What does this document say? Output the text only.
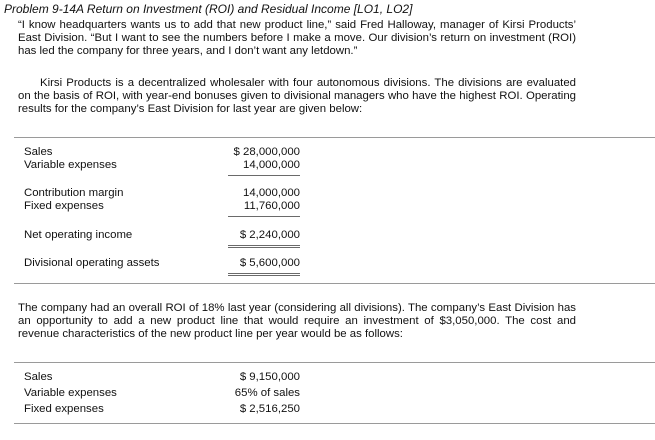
Problem 9-14A Return on Investment (ROI) and Residual Income [LO1, LO2]

“I know headquarters wants us to add that new product line,” said Fred Halloway, manager of Kirsi Products’ East Division. “But I want to see the numbers before I make a move. Our division’s return on investment (ROI) has led the company for three years, and I don’t want any letdown.”

Kirsi Products is a decentralized wholesaler with four autonomous divisions. The divisions are evaluated on the basis of ROI, with year-end bonuses given to divisional managers who have the highest ROI. Operating results for the company’s East Division for last year are given below:

Sales	$ 28,000,000
Variable expenses	14,000,000
Contribution margin	14,000,000
Fixed expenses	11,760,000
Net operating income	$ 2,240,000
Divisional operating assets	$ 5,600,000

The company had an overall ROI of 18% last year (considering all divisions). The company’s East Division has an opportunity to add a new product line that would require an investment of $3,050,000. The cost and revenue characteristics of the new product line per year would be as follows:

Sales	$ 9,150,000
Variable expenses	65% of sales
Fixed expenses	$ 2,516,250
